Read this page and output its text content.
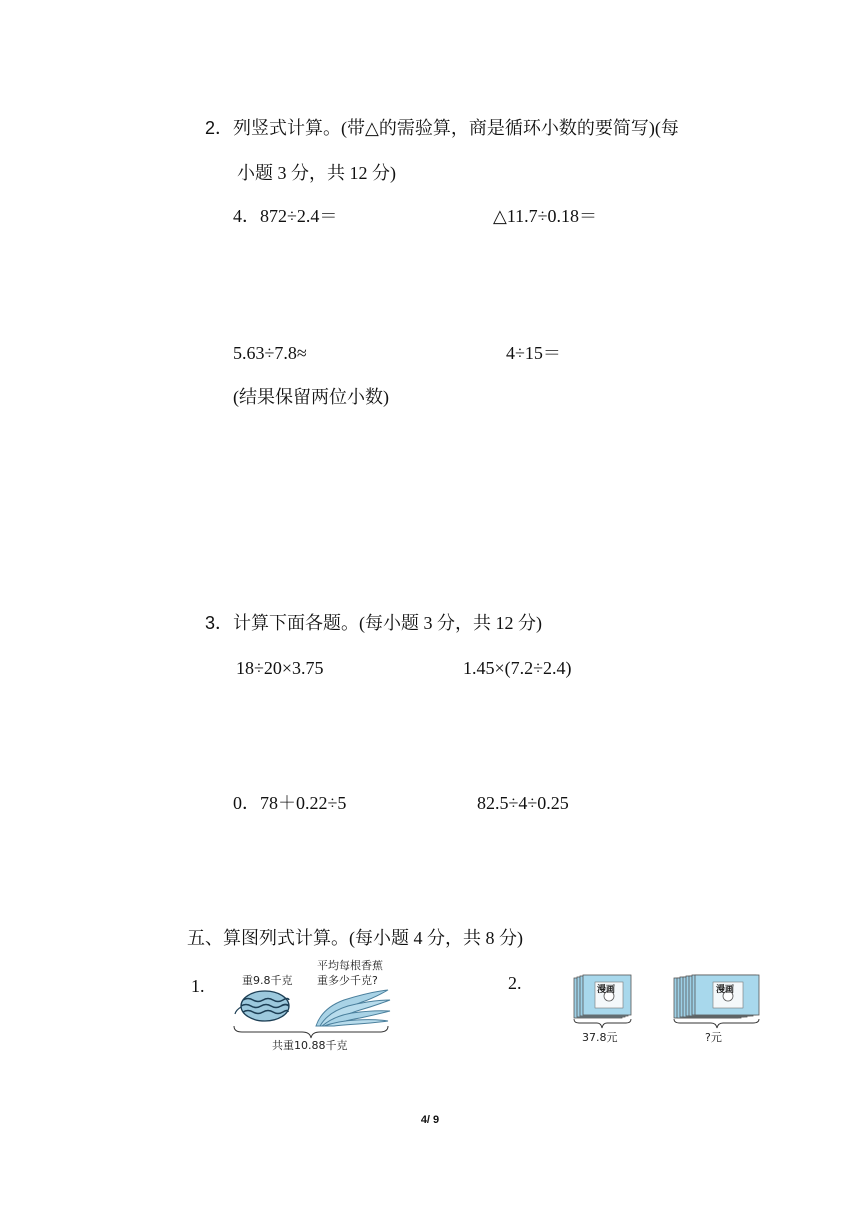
2．列竖式计算。(带△的需验算，商是循环小数的要简写)(每
小题 3 分，共 12 分)
4．872÷2.4＝	△11.7÷0.18＝
5.63÷7.8≈	4÷15＝
(结果保留两位小数)
3．计算下面各题。(每小题 3 分，共 12 分)
18÷20×3.75	1.45×(7.2÷2.4)
0．78＋0.22÷5	82.5÷4÷0.25
五、算图列式计算。(每小题 4 分，共 8 分)
1.	重9.8千克
平均每根香蕉
重多少千克?
共重10.88千克
2.	漫画
37.8元
漫画
?元
4/ 9
